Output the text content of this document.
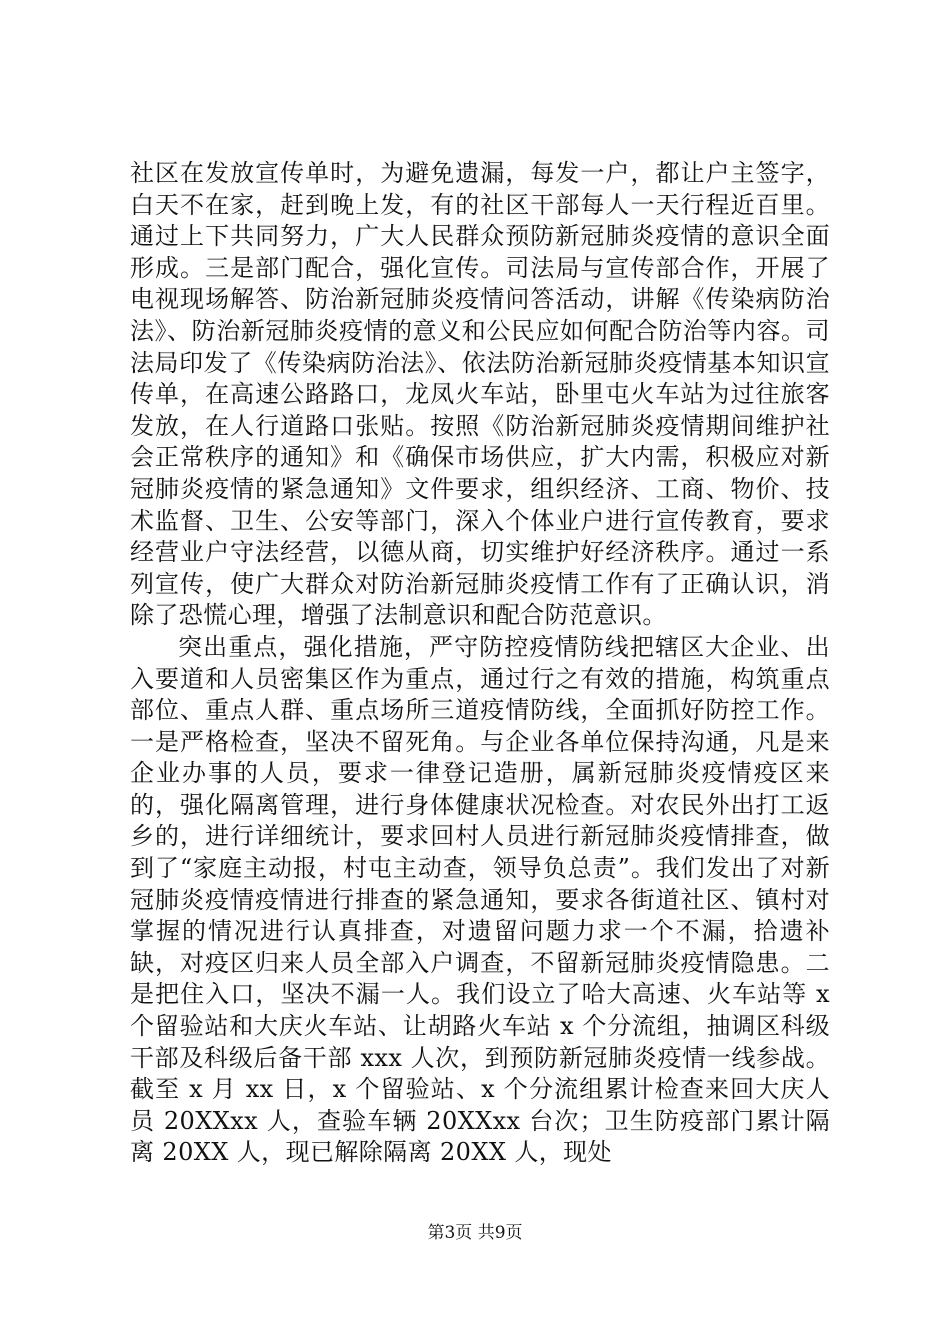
社区在发放宣传单时，为避免遗漏，每发一户，都让户主签字，白天不在家，赶到晚上发，有的社区干部每人一天行程近百里。通过上下共同努力，广大人民群众预防新冠肺炎疫情的意识全面形成。三是部门配合，强化宣传。司法局与宣传部合作，开展了电视现场解答、防治新冠肺炎疫情问答活动，讲解《传染病防治法》、防治新冠肺炎疫情的意义和公民应如何配合防治等内容。司法局印发了《传染病防治法》、依法防治新冠肺炎疫情基本知识宣传单，在高速公路路口，龙凤火车站，卧里屯火车站为过往旅客发放，在人行道路口张贴。按照《防治新冠肺炎疫情期间维护社会正常秩序的通知》和《确保市场供应，扩大内需，积极应对新冠肺炎疫情的紧急通知》文件要求，组织经济、工商、物价、技术监督、卫生、公安等部门，深入个体业户进行宣传教育，要求经营业户守法经营，以德从商，切实维护好经济秩序。通过一系列宣传，使广大群众对防治新冠肺炎疫情工作有了正确认识，消除了恐慌心理，增强了法制意识和配合防范意识。

突出重点，强化措施，严守防控疫情防线把辖区大企业、出入要道和人员密集区作为重点，通过行之有效的措施，构筑重点部位、重点人群、重点场所三道疫情防线，全面抓好防控工作。一是严格检查，坚决不留死角。与企业各单位保持沟通，凡是来企业办事的人员，要求一律登记造册，属新冠肺炎疫情疫区来的，强化隔离管理，进行身体健康状况检查。对农民外出打工返乡的，进行详细统计，要求回村人员进行新冠肺炎疫情排查，做到了“家庭主动报，村屯主动查，领导负总责”。我们发出了对新冠肺炎疫情疫情进行排查的紧急通知，要求各街道社区、镇村对掌握的情况进行认真排查，对遗留问题力求一个不漏，拾遗补缺，对疫区归来人员全部入户调查，不留新冠肺炎疫情隐患。二是把住入口，坚决不漏一人。我们设立了哈大高速、火车站等 x 个留验站和大庆火车站、让胡路火车站 x 个分流组，抽调区科级干部及科级后备干部 xxx 人次，到预防新冠肺炎疫情一线参战。截至 x 月 xx 日，x 个留验站、x 个分流组累计检查来回大庆人员 20XXxx 人，查验车辆 20XXxx 台次；卫生防疫部门累计隔离 20XX 人，现已解除隔离 20XX 人，现处

第3页 共9页
